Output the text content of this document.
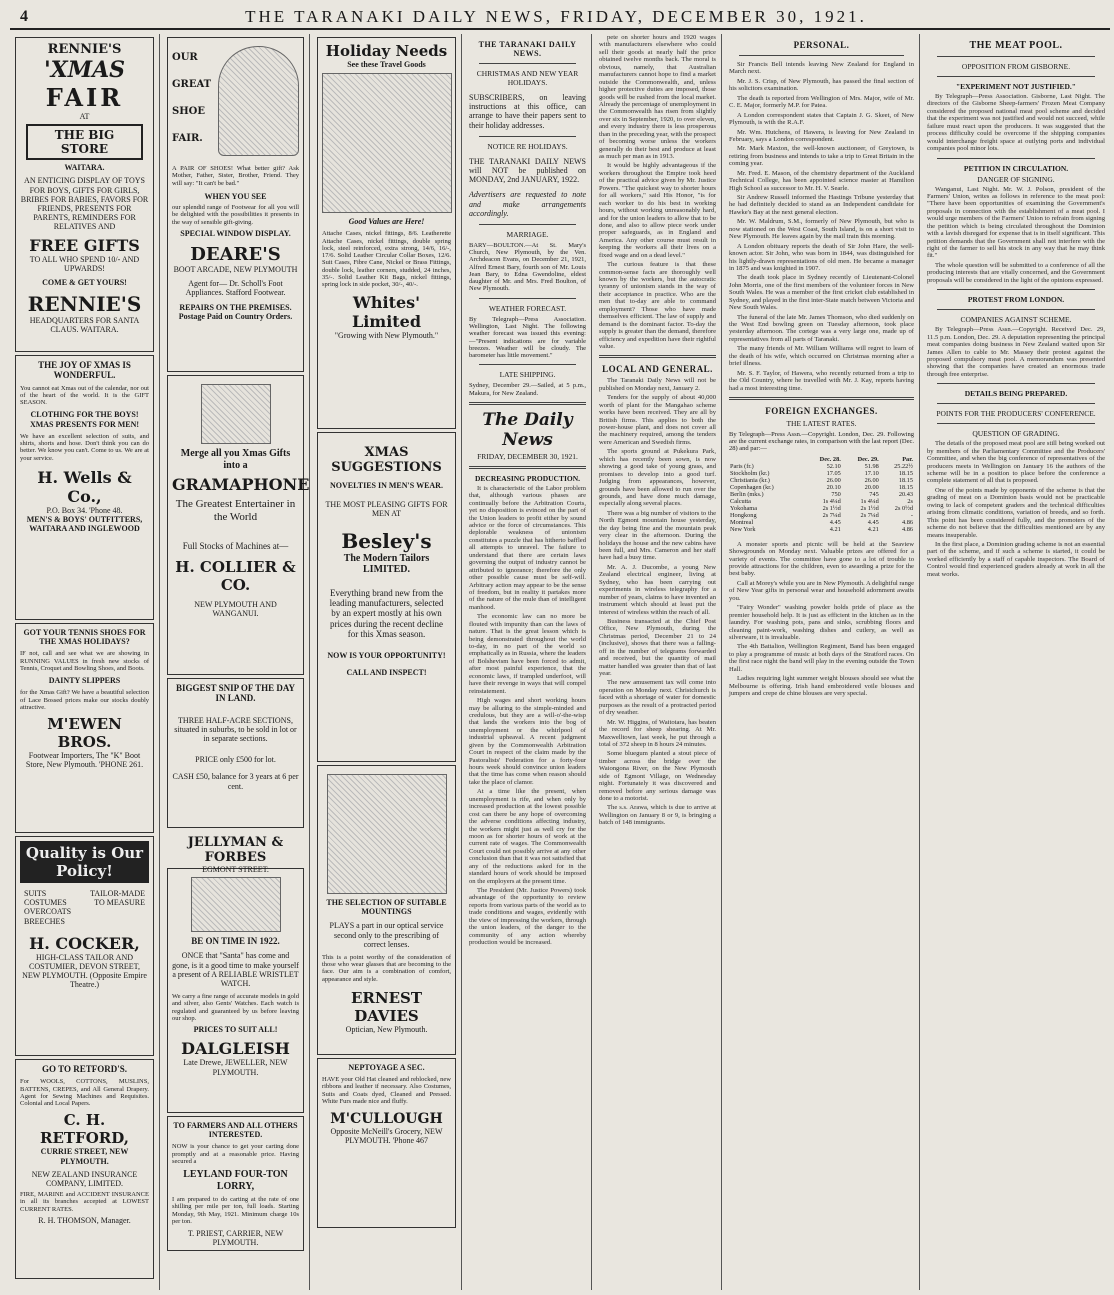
4	THE TARANAKI DAILY NEWS, FRIDAY, DECEMBER 30, 1921.
RENNIE'S
'XMAS
FAIR
AT
THE BIG STORE
WAITARA.
AN ENTICING DISPLAY OF TOYS FOR BOYS, GIFTS FOR GIRLS, BRIBES FOR BABIES, FAVORS FOR FRIENDS, PRESENTS FOR PARENTS, REMINDERS FOR RELATIVES AND
FREE GIFTS
TO ALL WHO SPEND 10/- AND UPWARDS!
COME & GET YOURS!
RENNIE'S
HEADQUARTERS FOR SANTA CLAUS. WAITARA.
THE JOY OF XMAS IS WONDERFUL.
You cannot eat Xmas out of the calendar, nor out of the heart of the world. It is the GIFT SEASON.
CLOTHING FOR THE BOYS! XMAS PRESENTS FOR MEN!
We have an excellent selection of suits, and shirts, shorts and hose. Don't think you can do better. We know you can't. Come to us. We are at your service.
H. Wells & Co.,
P.O. Box 34. 'Phone 48.
MEN'S & BOYS' OUTFITTERS,
WAITARA AND INGLEWOOD
GOT YOUR TENNIS SHOES FOR THE XMAS HOLIDAYS?
IF not, call and see what we are showing in RUNNING VALUES in fresh new stocks of Tennis, Croquet and Bowling Shoes, and Boots.
DAINTY SLIPPERS
for the Xmas Gift? We have a beautiful selection of Lace Bossed prices make our stocks doubly attractive.
M'EWEN BROS.
Footwear Importers, The "K" Boot Store, New Plymouth. 'PHONE 261.
Quality is Our Policy!
SUITS COSTUMES OVERCOATS BREECHES
TAILOR-MADE TO MEASURE
H. COCKER,
HIGH-CLASS TAILOR AND COSTUMIER, DEVON STREET, NEW PLYMOUTH. (Opposite Empire Theatre.)
GO TO RETFORD'S.
For WOOLS, COTTONS, MUSLINS, BATTENS, CREPES, and All General Drapery. Agent for Sewing Machines and Requisites. Colonial and Local Papers.
C. H. RETFORD,
CURRIE STREET, NEW PLYMOUTH.
NEW ZEALAND INSURANCE COMPANY, LIMITED.
FIRE, MARINE and ACCIDENT INSURANCE in all its branches accepted at LOWEST CURRENT RATES.
R. H. THOMSON, Manager.
OUR
GREAT
SHOE
FAIR.
A PAIR OF SHOES! What better gift? Ask Mother, Father, Sister, Brother, Friend. They will say: "It can't be bad."
WHEN YOU SEE
our splendid range of Footwear for all you will be delighted with the possibilities it presents in the way of sensible gift-giving.
SPECIAL WINDOW DISPLAY.
DEARE'S
BOOT ARCADE, NEW PLYMOUTH
Agent for— Dr. Scholl's Foot Appliances. Stafford Footwear.
REPAIRS ON THE PREMISES. Postage Paid on Country Orders.
Merge all you Xmas Gifts into a
GRAMAPHONE
The Greatest Entertainer in the World
Full Stocks of Machines at—
H. COLLIER & CO.
NEW PLYMOUTH AND WANGANUI.
BIGGEST SNIP OF THE DAY IN LAND.
THREE HALF-ACRE SECTIONS, situated in suburbs, to be sold in lot or in separate sections.
PRICE only £500 for lot.
CASH £50, balance for 3 years at 6 per cent.
JELLYMAN & FORBES
EGMONT STREET.
BE ON TIME IN 1922.
ONCE that "Santa" has come and gone, is it a good time to make yourself a present of A RELIABLE WRISTLET WATCH.
We carry a fine range of accurate models in gold and silver, also Gents' Watches. Each watch is regulated and guaranteed by us before leaving our shop.
PRICES TO SUIT ALL!
DALGLEISH
Late Drewe, JEWELLER, NEW PLYMOUTH.
TO FARMERS AND ALL OTHERS INTERESTED.
NOW is your chance to get your carting done promptly and at a reasonable price. Having secured a
LEYLAND FOUR-TON LORRY,
I am prepared to do carting at the rate of one shilling per mile per ton, full loads. Starting Monday, 9th May, 1921. Minimum charge 10s per ton.
T. PRIEST, CARRIER, NEW PLYMOUTH.
Holiday Needs
See these Travel Goods
Good Values are Here!
Attache Cases, nickel fittings, 8/6. Leatherette Attache Cases, nickel fittings, double spring lock, steel reinforced, extra strong, 14/6, 16/-, 17/6. Solid Leather Circular Collar Boxes, 12/6. Suit Cases, Fibre Cane, Nickel or Brass Fittings, double lock, leather corners, studded, 24 inches, 35/-. Solid Leather Kit Bags, nickel fittings, spring lock in side pocket, 30/-, 40/-.
Whites' Limited
"Growing with New Plymouth."
XMAS SUGGESTIONS
NOVELTIES IN MEN'S WEAR.
THE MOST PLEASING GIFTS FOR MEN AT
Besley's
The Modern Tailors LIMITED.
Everything brand new from the leading manufacturers, selected by an expert mostly at his own prices during the recent decline for this Xmas season.
NOW IS YOUR OPPORTUNITY!
CALL AND INSPECT!
THE SELECTION OF SUITABLE MOUNTINGS
PLAYS a part in our optical service second only to the prescribing of correct lenses.
This is a point worthy of the consideration of those who wear glasses that are becoming to the face. Our aim is a combination of comfort, appearance and style.
ERNEST DAVIES
Optician, New Plymouth.
NEPTOYAGE A SEC.
HAVE your Old Hat cleaned and reblocked, new ribbons and leather if necessary. Also Costumes, Suits and Coats dyed, Cleaned and Pressed. White Furs made nice and fluffy.
M'CULLOUGH
Opposite McNeill's Grocery, NEW PLYMOUTH. 'Phone 467
THE TARANAKI DAILY NEWS.
CHRISTMAS AND NEW YEAR HOLIDAYS.
SUBSCRIBERS, on leaving instructions at this office, can arrange to have their papers sent to their holiday addresses.
NOTICE RE HOLIDAYS.
THE TARANAKI DAILY NEWS will NOT be published on MONDAY, 2nd JANUARY, 1922.
Advertisers are requested to note and make arrangements accordingly.
MARRIAGE.
BARY—BOULTON.—At St. Mary's Church, New Plymouth, by the Ven. Archdeacon Evans, on December 21, 1921, Alfred Ernest Bary, fourth son of Mr. Louis Jean Bary, to Edna Gwendoline, eldest daughter of Mr. and Mrs. Fred Boulton, of New Plymouth.
WEATHER FORECAST.
By Telegraph—Press Association. Wellington, Last Night. The following weather forecast was issued this evening:—"Present indications are for variable breezes. Weather will be cloudy. The barometer has little movement."
LATE SHIPPING.
Sydney, December 29.—Sailed, at 5 p.m., Makura, for New Zealand.
The Daily News
FRIDAY, DECEMBER 30, 1921.
DECREASING PRODUCTION.

It is characteristic of the Labor problem that, although various phases are continually before the Arbitration Courts, yet no disposition is evinced on the part of the Union leaders to profit either by sound advice or the force of circumstances. This deplorable weakness of unionism constitutes a puzzle that has hitherto baffled all attempts to unravel. The failure to understand that there are certain laws governing the output of industry cannot be attributed to ignorance; therefore the only other possible cause must be self-will. Arbitrary action may appear to be the sense of freedom, but in reality it partakes more of the nature of the mule than of intelligent manhood.

The economic law can no more be flouted with impunity than can the laws of nature. That is the great lesson which is being demonstrated throughout the world to-day, in no part of the world so emphatically as in Russia, where the leaders of Bolshevism have been forced to admit, after most painful experience, that the economic laws, if trampled underfoot, will have their revenge in ways that will compel reinstatement.

High wages and short working hours may be alluring to the simple-minded and credulous, but they are a will-o'-the-wisp that lands the workers into the bog of unemployment or the whirlpool of industrial upheaval. A recent judgment given by the Commonwealth Arbitration Court in respect of the claim made by the Pastoralists' Federation for a forty-four hours week should convince union leaders that the time has come when reason should take the place of clamor.

At a time like the present, when unemployment is rife, and when only by increased production at the lowest possible cost can there be any hope of overcoming the adverse conditions affecting industry, the workers might just as well cry for the moon as for shorter hours of work at the current rate of wages. The Commonwealth Court could not possibly arrive at any other conclusion than that it was not satisfied that any of the reductions asked for in the standard hours of work should be imposed on the employers at the present time.

The President (Mr. Justice Powers) took advantage of the opportunity to review reports from various parts of the world as to trade conditions and wages, evidently with the view of impressing the workers, through the union leaders, of the danger to the community of any action whereby production would be increased.

pete on shorter hours and 1920 wages with manufacturers elsewhere who could sell their goods at nearly half the price obtained twelve months back. The moral is obvious, namely, that Australian manufacturers cannot hope to find a market outside the Commonwealth, and, unless higher protective duties are imposed, those goods will be rushed from the local market. Already the percentage of unemployment in the Commonwealth has risen from slightly over six in September, 1920, to over eleven, and every industry there is less prosperous than in the preceding year, with the prospect of becoming worse unless the workers generally do their best and produce at least as much per man as in 1913.

It would be highly advantageous if the workers throughout the Empire took heed of the practical advice given by Mr. Justice Powers. "The quickest way to shorter hours for all workers," said His Honor, "is for each worker to do his best in working hours, without working unreasonably hard, and for the union leaders to allow that to be done, and also to allow piece work under proper safeguards, as in England and America. Any other course must result in keeping the workers all their lives on a fixed wage and on a dead level."

The curious feature is that these common-sense facts are thoroughly well known by the workers, but the autocratic tyranny of unionism stands in the way of their acceptance in practice. Who are the men that to-day are able to command employment? Those who have made themselves efficient. The law of supply and demand is the dominant factor. To-day the supply is greater than the demand, therefore efficiency and expedition have their rightful value.

LOCAL AND GENERAL.

The Taranaki Daily News will not be published on Monday next, January 2.

Tenders for the supply of about 40,000 worth of plant for the Mangahao scheme works have been received. They are all by British firms. This applies to both the power-house plant, and does not cover all the machinery required, among the tenders were American and Swedish firms.

The sports ground at Pukekura Park, which has recently been sown, is now showing a good take of young grass, and promises to develop into a good turf. Judging from appearances, however, grounds have been allowed to run over the grounds, and have done much damage, especially along several places.

There was a big number of visitors to the North Egmont mountain house yesterday, the day being fine and the mountain peak very clear in the afternoon. During the holidays the house and the new cabins have been full, and Mrs. Cameron and her staff have had a busy time.

Mr. A. J. Ducombe, a young New Zealand electrical engineer, living at Sydney, who has been carrying out experiments in wireless telegraphy for a number of years, claims to have invented an instrument which should at least put the interest of wireless within the reach of all.

Business transacted at the Chief Post Office, New Plymouth, during the Christmas period, December 21 to 24 (inclusive), shows that there was a falling-off in the number of telegrams forwarded and received, but the quantity of mail matter handled was greater than that of last year.

The new amusement tax will come into operation on Monday next. Christchurch is faced with a shortage of water for domestic purposes as the result of a protracted period of dry weather.

Mr. W. Higgins, of Waitotara, has beaten the record for sheep shearing. At Mr. Maxwelltown, last week, he put through a total of 372 sheep in 8 hours 24 minutes.

Some bluegum planted a stout piece of timber across the bridge over the Waiongona River, on the New Plymouth side of Egmont Village, on Wednesday night. Fortunately it was discovered and removed before any serious damage was done to a motorist.

The s.s. Arawa, which is due to arrive at Wellington on January 8 or 9, is bringing a batch of 148 immigrants.

PERSONAL.

Sir Francis Bell intends leaving New Zealand for England in March next.

Mr. J. S. Crisp, of New Plymouth, has passed the final section of his solicitors examination.

The death is reported from Wellington of Mrs. Major, wife of Mr. C. E. Major, formerly M.P. for Patea.

A London correspondent states that Captain J. G. Skeet, of New Plymouth, is with the R.A.F.

Mr. Wm. Hutchens, of Hawera, is leaving for New Zealand in February, says a London correspondent.

Mr. Mark Maxton, the well-known auctioneer, of Greytown, is retiring from business and intends to take a trip to Great Britain in the coming year.

Mr. Fred. E. Mason, of the chemistry department of the Auckland Technical College, has been appointed science master at Hamilton High School as successor to Mr. H. V. Searle.

Sir Andrew Russell informed the Hastings Tribune yesterday that he had definitely decided to stand as an Independent candidate for Hawke's Bay at the next general election.

Mr. W. Maldrum, S.M., formerly of New Plymouth, but who is now stationed on the West Coast, South Island, is on a short visit to New Plymouth. He leaves again by the mail train this morning.

A London obituary reports the death of Sir John Hare, the well-known actor. Sir John, who was born in 1844, was distinguished for his lightly-drawn representations of old men. He became a manager in 1875 and was knighted in 1907.

The death took place in Sydney recently of Lieutenant-Colonel John Morris, one of the first members of the volunteer forces in New South Wales. He was a member of the first cricket club established in Sydney, and played in the first inter-State match between Victoria and New South Wales.

The funeral of the late Mr. James Thomson, who died suddenly on the West End bowling green on Tuesday afternoon, took place yesterday afternoon. The cortege was a very large one, made up of representatives from all parts of Taranaki.

The many friends of Mr. William Williams will regret to learn of the death of his wife, which occurred on Christmas morning after a brief illness.

Mr. S. F. Taylor, of Hawera, who recently returned from a trip to the Old Country, where he travelled with Mr. J. Kay, reports having had a most interesting time.

FOREIGN EXCHANGES.
THE LATEST RATES.
By Telegraph—Press Assn.—Copyright. London, Dec. 29. Following are the current exchange rates, in comparison with the last report (Dec. 28) and par:—
	Dec. 28.	Dec. 29.	Par.
Paris (fr.)	52.10	51.98	25.22½
Stockholm (kr.)	17.05	17.10	18.15
Christiania (kr.)	26.00	26.00	18.15
Copenhagen (kr.)	20.10	20.00	18.15
Berlin (mks.)	750	745	20.43
Calcutta	1s 4¼d	1s 4¼d	2s
Yokohama	2s 1½d	2s 1½d	2s 0½d
Hongkong	2s 7¼d	2s 7¼d	-
Montreal	4.45	4.45	4.86
New York	4.21	4.21	4.86

A monster sports and picnic will be held at the Seaview Showgrounds on Monday next. Valuable prizes are offered for a variety of events. The committee have gone to a lot of trouble to provide attractions for the children, even to awarding a prize for the best baby.

Call at Morey's while you are in New Plymouth. A delightful range of New Year gifts in personal wear and household adornment awaits you.

"Fairy Wonder" washing powder holds pride of place as the premier household help. It is just as efficient in the kitchen as in the laundry. For washing pots, pans and sinks, scrubbing floors and cleaning paint-work, washing dishes and cutlery, as well as silverware, it is invaluable.

The 4th Battalion, Wellington Regiment, Band has been engaged to play a programme of music at both days of the Stratford races. On the first race night the band will play in the evening outside the Town Hall.

Ladies requiring light summer weight blouses should see what the Melbourne is offering. Irish hand embroidered voile blouses and jumpers and crepe de chine blouses are very special.

THE MEAT POOL.
OPPOSITION FROM GISBORNE.
"EXPERIMENT NOT JUSTIFIED."

By Telegraph—Press Association. Gisborne, Last Night. The directors of the Gisborne Sheep-farmers' Frozen Meat Company considered the proposed national meat pool scheme and decided that the experiment was not justified and would not succeed, while failure must react upon the producers. It was suggested that the process difficulty could be overcome if the shipping companies would interchange freight space at outlying ports and individual companies pool minor lots.

PETITION IN CIRCULATION.
DANGER OF SIGNING.

Wanganui, Last Night. Mr. W. J. Polson, president of the Farmers' Union, writes as follows in reference to the meat pool: "There have been opportunities of examining the Government's proposals in connection with the establishment of a meat pool. I would urge members of the Farmers' Union to refrain from signing the petition which is being circulated throughout the Dominion with a lavish disregard for expense that is in itself significant. This petition demands that the Government shall not interfere with the right of the farmer to sell his stock in any way that he may think fit."

The whole question will be submitted to a conference of all the producing interests that are vitally concerned, and the Government proposals will be considered in the light of the opinions expressed.

PROTEST FROM LONDON.
COMPANIES AGAINST SCHEME.

By Telegraph—Press Assn.—Copyright. Received Dec. 29, 11.5 p.m. London, Dec. 29. A deputation representing the principal meat companies doing business in New Zealand waited upon Sir James Allen to cable to Mr. Massey their protest against the proposed compulsory meat pool. A memorandum was presented showing that the companies have created an enormous trade through free enterprise.

DETAILS BEING PREPARED.
POINTS FOR THE PRODUCERS' CONFERENCE.
QUESTION OF GRADING.

The details of the proposed meat pool are still being worked out by members of the Parliamentary Committee and the Producers' Committee, and when the big conference of representatives of the producers meets in Wellington on January 16 the authors of the scheme will be in a position to place before the conference a complete statement of all that is proposed.

One of the points made by opponents of the scheme is that the grading of meat on a Dominion basis would not be practicable owing to lack of competent graders and the technical difficulties arising from climatic conditions, variation of breeds, and so forth. This point has been considered fully, and the promoters of the scheme do not believe that the difficulties mentioned are by any means insuperable.

In the first place, a Dominion grading scheme is not an essential part of the scheme, and if such a scheme is started, it could be worked efficiently by a staff of capable inspectors. The Board of Control would find experienced graders already at work in all the meat works.
